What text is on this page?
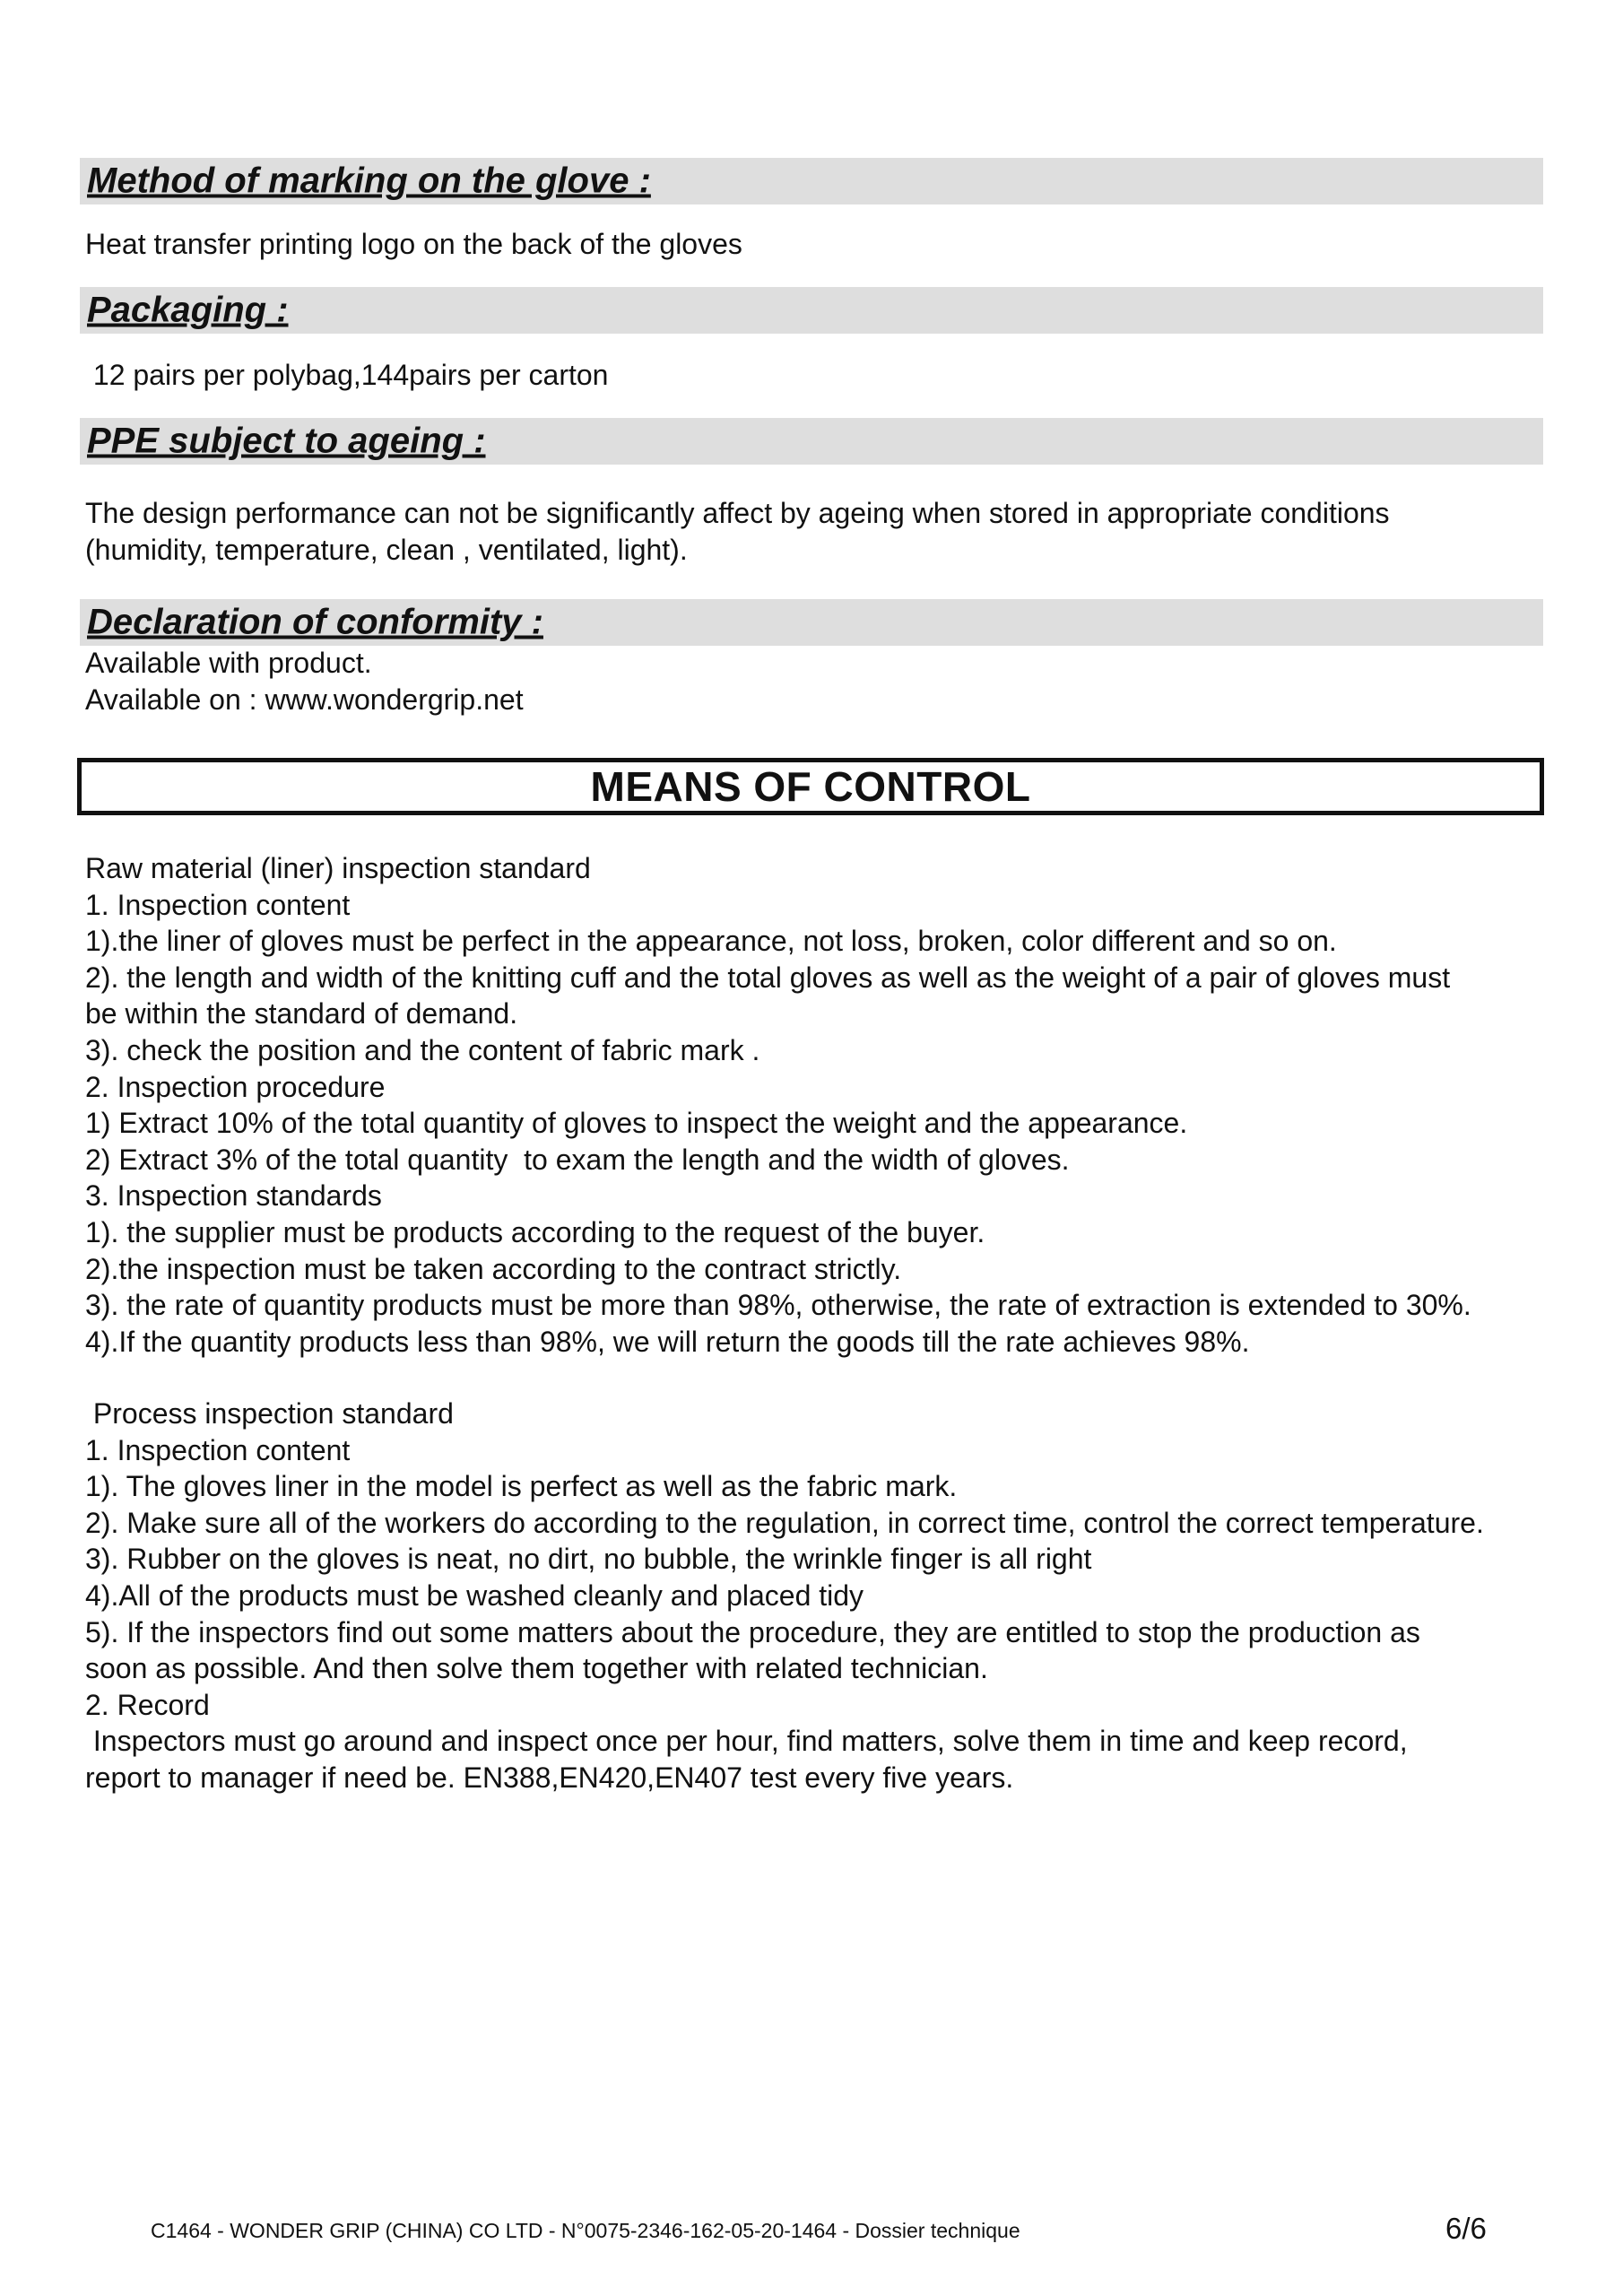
Method of marking on the glove :
Heat transfer printing logo on the back of the gloves
Packaging :
12 pairs per polybag,144pairs per carton
PPE subject to ageing :
The design performance can not be significantly affect by ageing when stored in appropriate conditions
(humidity, temperature, clean , ventilated, light).
Declaration of conformity :
Available with product.
Available on : www.wondergrip.net
MEANS OF CONTROL
Raw material (liner) inspection standard
1. Inspection content
1).the liner of gloves must be perfect in the appearance, not loss, broken, color different and so on.
2). the length and width of the knitting cuff and the total gloves as well as the weight of a pair of gloves must
be within the standard of demand.
3). check the position and the content of fabric mark .
2. Inspection procedure
1) Extract 10% of the total quantity of gloves to inspect the weight and the appearance.
2) Extract 3% of the total quantity  to exam the length and the width of gloves.
3. Inspection standards
1). the supplier must be products according to the request of the buyer.
2).the inspection must be taken according to the contract strictly.
3). the rate of quantity products must be more than 98%, otherwise, the rate of extraction is extended to 30%.
4).If the quantity products less than 98%, we will return the goods till the rate achieves 98%.
Process inspection standard
1. Inspection content
1). The gloves liner in the model is perfect as well as the fabric mark.
2). Make sure all of the workers do according to the regulation, in correct time, control the correct temperature.
3). Rubber on the gloves is neat, no dirt, no bubble, the wrinkle finger is all right
4).All of the products must be washed cleanly and placed tidy
5). If the inspectors find out some matters about the procedure, they are entitled to stop the production as
soon as possible. And then solve them together with related technician.
2. Record
Inspectors must go around and inspect once per hour, find matters, solve them in time and keep record,
report to manager if need be. EN388,EN420,EN407 test every five years.
C1464 - WONDER GRIP (CHINA) CO LTD - N°0075-2346-162-05-20-1464 - Dossier technique	6/6
